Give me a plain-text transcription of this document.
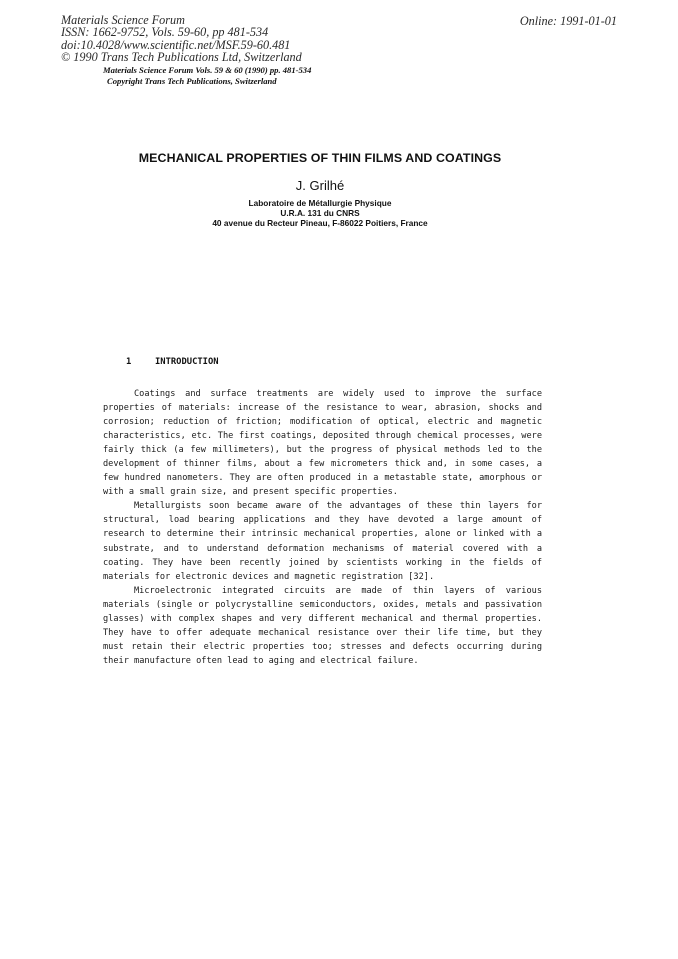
Materials Science Forum
ISSN: 1662-9752, Vols. 59-60, pp 481-534
doi:10.4028/www.scientific.net/MSF.59-60.481
© 1990 Trans Tech Publications Ltd, Switzerland
Online: 1991-01-01
Materials Science Forum Vols. 59 & 60 (1990) pp. 481-534
Copyright Trans Tech Publications, Switzerland
MECHANICAL PROPERTIES OF THIN FILMS AND COATINGS
J. Grilhé
Laboratoire de Métallurgie Physique
U.R.A. 131 du CNRS
40 avenue du Recteur Pineau, F-86022 Poitiers, France
1	INTRODUCTION

Coatings and surface treatments are widely used to improve the surface properties of materials: increase of the resistance to wear, abrasion, shocks and corrosion; reduction of friction; modification of optical, electric and magnetic characteristics, etc. The first coatings, deposited through chemical processes, were fairly thick (a few millimeters), but the progress of physical methods led to the development of thinner films, about a few micrometers thick and, in some cases, a few hundred nanometers. They are often produced in a metastable state, amorphous or with a small grain size, and present specific properties.

Metallurgists soon became aware of the advantages of these thin layers for structural, load bearing applications and they have devoted a large amount of research to determine their intrinsic mechanical properties, alone or linked with a substrate, and to understand deformation mechanisms of material covered with a coating. They have been recently joined by scientists working in the fields of materials for electronic devices and magnetic registration [32].

Microelectronic integrated circuits are made of thin layers of various materials (single or polycrystalline semiconductors, oxides, metals and passivation glasses) with complex shapes and very different mechanical and thermal properties. They have to offer adequate mechanical resistance over their life time, but they must retain their electric properties too; stresses and defects occurring during their manufacture often lead to aging and electrical failure.
